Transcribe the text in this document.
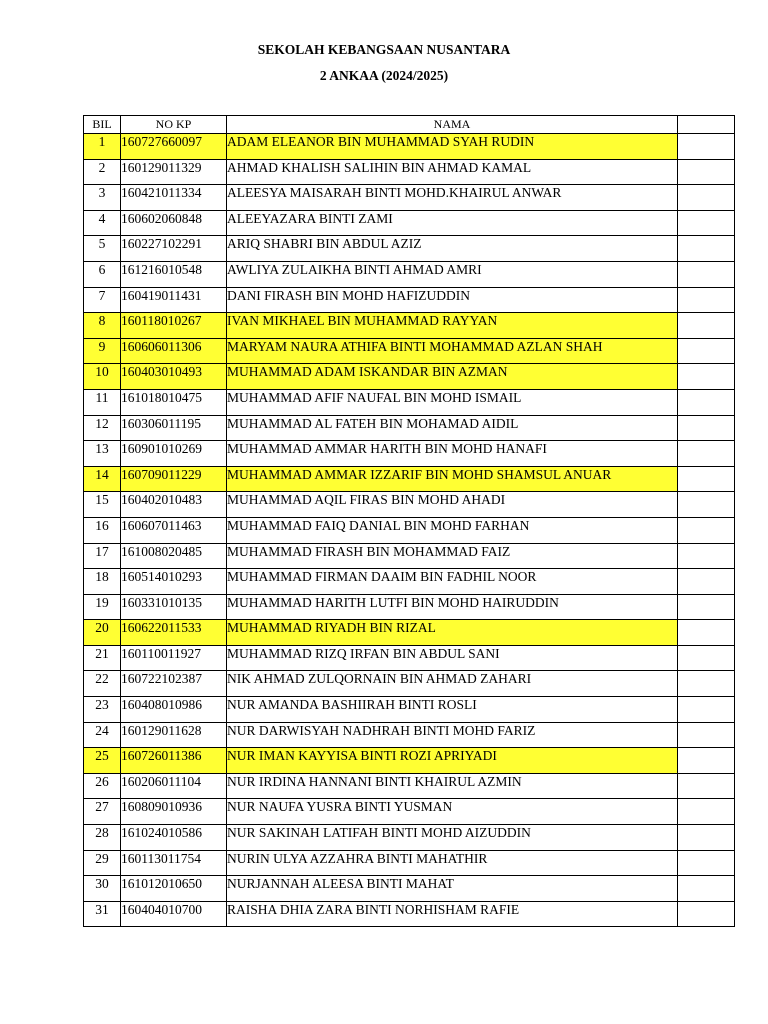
SEKOLAH KEBANGSAAN NUSANTARA
2 ANKAA (2024/2025)
BIL	NO KP	NAMA	
1	160727660097	ADAM ELEANOR BIN MUHAMMAD SYAH RUDIN	
2	160129011329	AHMAD KHALISH SALIHIN BIN AHMAD KAMAL	
3	160421011334	ALEESYA MAISARAH BINTI MOHD.KHAIRUL ANWAR	
4	160602060848	ALEEYAZARA BINTI ZAMI	
5	160227102291	ARIQ SHABRI BIN ABDUL AZIZ	
6	161216010548	AWLIYA ZULAIKHA BINTI AHMAD AMRI	
7	160419011431	DANI FIRASH BIN MOHD HAFIZUDDIN	
8	160118010267	IVAN MIKHAEL BIN MUHAMMAD RAYYAN	
9	160606011306	MARYAM NAURA ATHIFA BINTI MOHAMMAD AZLAN SHAH	
10	160403010493	MUHAMMAD ADAM ISKANDAR BIN AZMAN	
11	161018010475	MUHAMMAD AFIF NAUFAL BIN MOHD ISMAIL	
12	160306011195	MUHAMMAD AL FATEH BIN MOHAMAD AIDIL	
13	160901010269	MUHAMMAD AMMAR HARITH BIN MOHD HANAFI	
14	160709011229	MUHAMMAD AMMAR IZZARIF BIN MOHD SHAMSUL ANUAR	
15	160402010483	MUHAMMAD AQIL FIRAS BIN MOHD AHADI	
16	160607011463	MUHAMMAD FAIQ DANIAL BIN MOHD FARHAN	
17	161008020485	MUHAMMAD FIRASH BIN MOHAMMAD FAIZ	
18	160514010293	MUHAMMAD FIRMAN DAAIM BIN FADHIL NOOR	
19	160331010135	MUHAMMAD HARITH LUTFI BIN MOHD HAIRUDDIN	
20	160622011533	MUHAMMAD RIYADH BIN RIZAL	
21	160110011927	MUHAMMAD RIZQ IRFAN BIN ABDUL SANI	
22	160722102387	NIK AHMAD ZULQORNAIN BIN AHMAD ZAHARI	
23	160408010986	NUR AMANDA BASHIIRAH BINTI ROSLI	
24	160129011628	NUR DARWISYAH NADHRAH BINTI MOHD FARIZ	
25	160726011386	NUR IMAN KAYYISA BINTI ROZI APRIYADI	
26	160206011104	NUR IRDINA HANNANI BINTI KHAIRUL AZMIN	
27	160809010936	NUR NAUFA YUSRA BINTI YUSMAN	
28	161024010586	NUR SAKINAH LATIFAH BINTI MOHD AIZUDDIN	
29	160113011754	NURIN ULYA AZZAHRA BINTI MAHATHIR	
30	161012010650	NURJANNAH ALEESA BINTI MAHAT	
31	160404010700	RAISHA DHIA ZARA BINTI NORHISHAM RAFIE	
